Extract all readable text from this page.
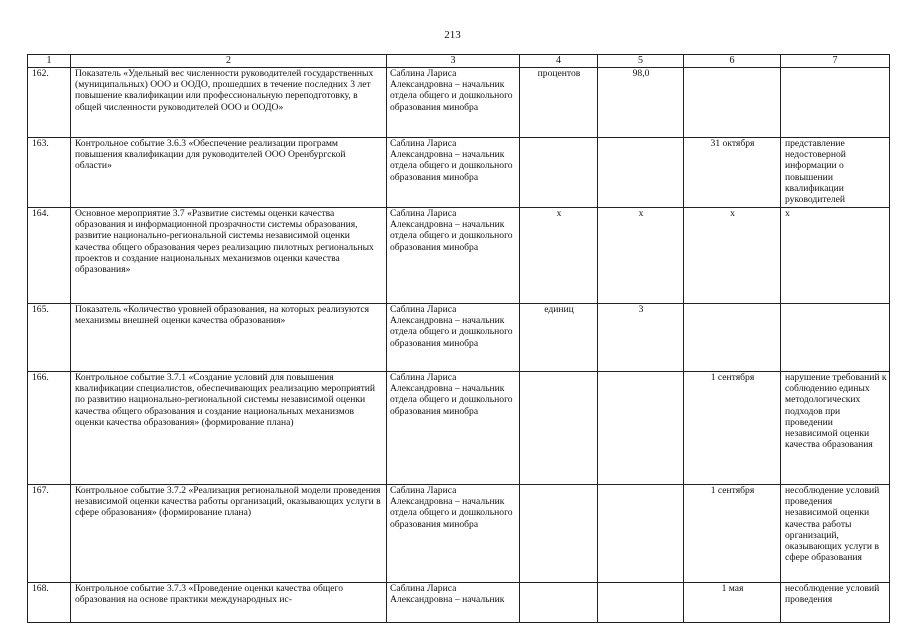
213
1	2	3	4	5	6	7
162.	Показатель «Удельный вес численности руководителей государственных (муниципальных) ООО и ООДО, прошедших в течение последних 3 лет повышение квалификации или профессиональную переподготовку, в общей численности руководителей ООО и ООДО»	Саблина Лариса Александровна – начальник отдела общего и дошкольного образования минобра	процентов	98,0		
163.	Контрольное событие 3.6.3 «Обеспечение реализации программ повышения квалификации для руководителей ООО Оренбургской области»	Саблина Лариса Александровна – начальник отдела общего и дошкольного образования минобра			31 октября	представление недостоверной информации о повышении квалификации руководителей
164.	Основное мероприятие 3.7 «Развитие системы оценки качества образования и информационной прозрачности системы образования, развитие национально-региональной системы независимой оценки качества общего образования через реализацию пилотных региональных проектов и создание национальных механизмов оценки качества образования»	Саблина Лариса Александровна – начальник отдела общего и дошкольного образования минобра	х	х	х	х
165.	Показатель «Количество уровней образования, на которых реализуются механизмы внешней оценки качества образования»	Саблина Лариса Александровна – начальник отдела общего и дошкольного образования минобра	единиц	3		
166.	Контрольное событие 3.7.1 «Создание условий для повышения квалификации специалистов, обеспечивающих реализацию мероприятий по развитию национально-региональной системы независимой оценки качества общего образования и создание национальных механизмов оценки качества образования» (формирование плана)	Саблина Лариса Александровна – начальник отдела общего и дошкольного образования минобра			1 сентября	нарушение требований к соблюдению единых методологических подходов при проведении независимой оценки качества образования
167.	Контрольное событие 3.7.2 «Реализация региональной модели проведения независимой оценки качества работы организаций, оказывающих услуги в сфере образования» (формирование плана)	Саблина Лариса Александровна – начальник отдела общего и дошкольного образования минобра			1 сентября	несоблюдение условий проведения независимой оценки качества работы организаций, оказывающих услуги в сфере образования
168.	Контрольное событие 3.7.3 «Проведение оценки качества общего образования на основе практики международных ис-	Саблина Лариса Александровна – начальник			1 мая	несоблюдение условий проведения
